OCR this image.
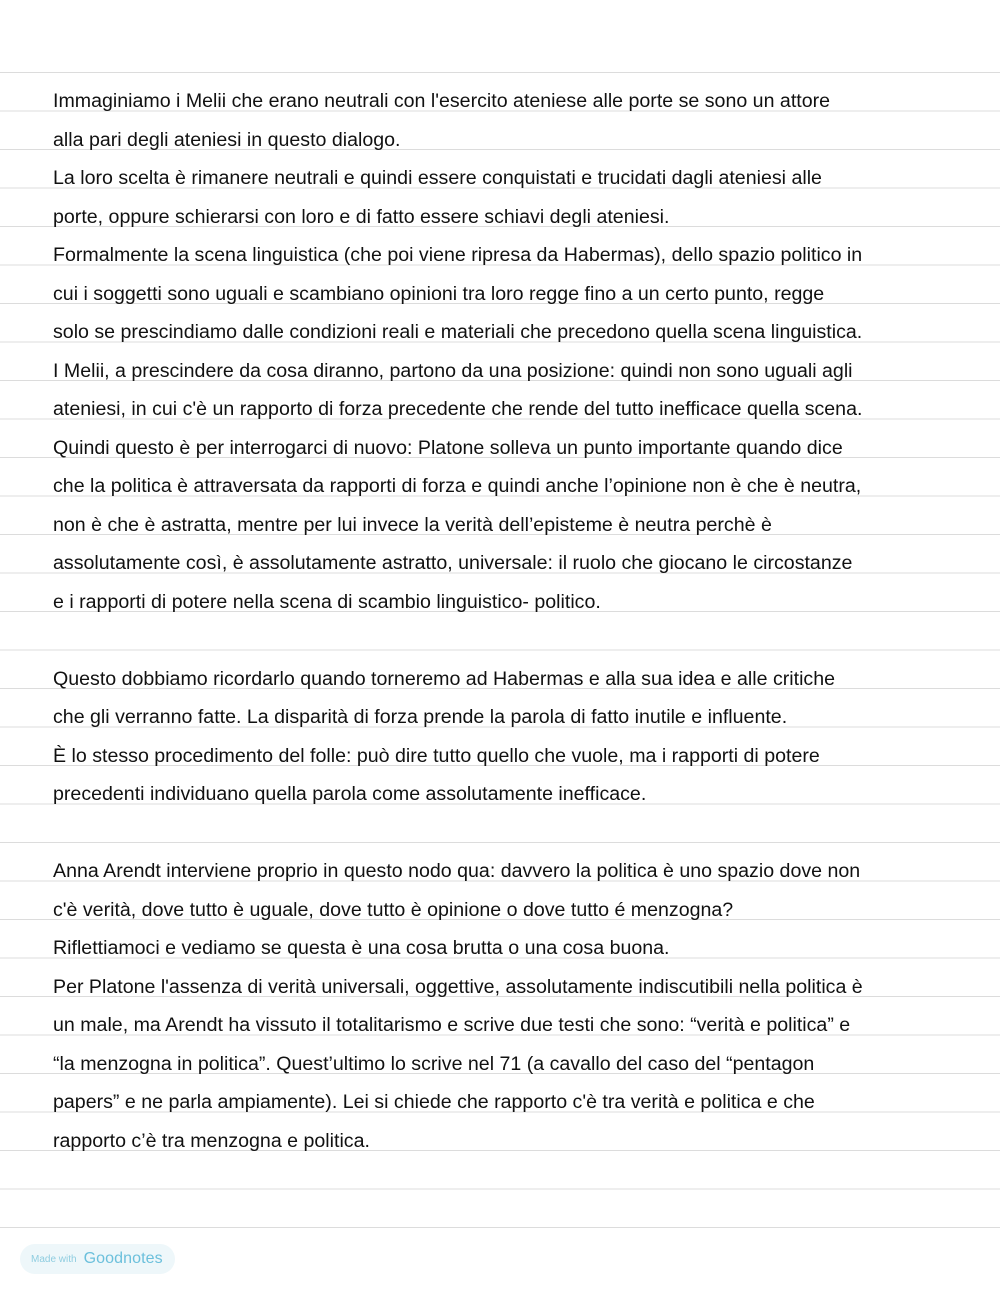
Immaginiamo i Melii che erano neutrali con l'esercito ateniese alle porte se sono un attore
alla pari degli ateniesi in questo dialogo.
La loro scelta è rimanere neutrali e quindi essere conquistati e trucidati dagli ateniesi alle
porte, oppure schierarsi con loro e di fatto essere schiavi degli ateniesi.
Formalmente la scena linguistica (che poi viene ripresa da Habermas), dello spazio politico in
cui i soggetti sono uguali e scambiano opinioni tra loro regge fino a un certo punto, regge
solo se prescindiamo dalle condizioni reali e materiali che precedono quella scena linguistica.
I Melii, a prescindere da cosa diranno, partono da una posizione: quindi non sono uguali agli
ateniesi, in cui c'è un rapporto di forza precedente che rende del tutto inefficace quella scena.
Quindi questo è per interrogarci di nuovo: Platone solleva un punto importante quando dice
che la politica è attraversata da rapporti di forza e quindi anche l’opinione non è che è neutra,
non è che è astratta, mentre per lui invece la verità dell’episteme è neutra perchè è
assolutamente così, è assolutamente astratto, universale: il ruolo che giocano le circostanze
e i rapporti di potere nella scena di scambio linguistico- politico.
Questo dobbiamo ricordarlo quando torneremo ad Habermas e alla sua idea e alle critiche
che gli verranno fatte. La disparità di forza prende la parola di fatto inutile e influente.
È lo stesso procedimento del folle: può dire tutto quello che vuole, ma i rapporti di potere
precedenti individuano quella parola come assolutamente inefficace.
Anna Arendt interviene proprio in questo nodo qua: davvero la politica è uno spazio dove non
c'è verità, dove tutto è uguale, dove tutto è opinione o dove tutto é menzogna?
Riflettiamoci e vediamo se questa è una cosa brutta o una cosa buona.
Per Platone l'assenza di verità universali, oggettive, assolutamente indiscutibili nella politica è
un male, ma Arendt ha vissuto il totalitarismo e scrive due testi che sono: “verità e politica” e
“la menzogna in politica”. Quest’ultimo lo scrive nel 71 (a cavallo del caso del “pentagon
papers” e ne parla ampiamente). Lei si chiede che rapporto c'è tra verità e politica e che
rapporto c’è tra menzogna e politica.
Made with Goodnotes
